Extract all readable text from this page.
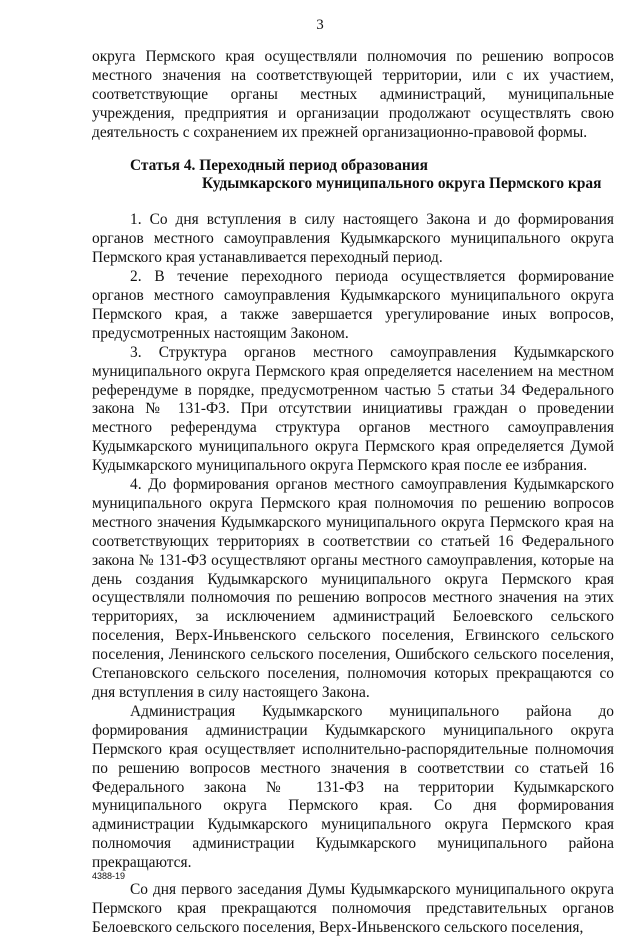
3

округа Пермского края осуществляли полномочия по решению вопросов местного значения на соответствующей территории, или с их участием, соответствующие органы местных администраций, муниципальные учреждения, предприятия и организации продолжают осуществлять свою деятельность с сохранением их прежней организационно-правовой формы.

Статья 4. Переходный период образования
Кудымкарского муниципального округа Пермского края

1. Со дня вступления в силу настоящего Закона и до формирования органов местного самоуправления Кудымкарского муниципального округа Пермского края устанавливается переходный период.

2. В течение переходного периода осуществляется формирование органов местного самоуправления Кудымкарского муниципального округа Пермского края, а также завершается урегулирование иных вопросов, предусмотренных настоящим Законом.

3. Структура органов местного самоуправления Кудымкарского муниципального округа Пермского края определяется населением на местном референдуме в порядке, предусмотренном частью 5 статьи 34 Федерального закона № 131-ФЗ. При отсутствии инициативы граждан о проведении местного референдума структура органов местного самоуправления Кудымкарского муниципального округа Пермского края определяется Думой Кудымкарского муниципального округа Пермского края после ее избрания.

4. До формирования органов местного самоуправления Кудымкарского муниципального округа Пермского края полномочия по решению вопросов местного значения Кудымкарского муниципального округа Пермского края на соответствующих территориях в соответствии со статьей 16 Федерального закона № 131-ФЗ осуществляют органы местного самоуправления, которые на день создания Кудымкарского муниципального округа Пермского края осуществляли полномочия по решению вопросов местного значения на этих территориях, за исключением администраций Белоевского сельского поселения, Верх-Иньвенского сельского поселения, Егвинского сельского поселения, Ленинского сельского поселения, Ошибского сельского поселения, Степановского сельского поселения, полномочия которых прекращаются со дня вступления в силу настоящего Закона.

Администрация Кудымкарского муниципального района до формирования администрации Кудымкарского муниципального округа Пермского края осуществляет исполнительно-распорядительные полномочия по решению вопросов местного значения в соответствии со статьей 16 Федерального закона № 131-ФЗ на территории Кудымкарского муниципального округа Пермского края. Со дня формирования администрации Кудымкарского муниципального округа Пермского края полномочия администрации Кудымкарского муниципального района прекращаются.

Со дня первого заседания Думы Кудымкарского муниципального округа Пермского края прекращаются полномочия представительных органов Белоевского сельского поселения, Верх-Иньвенского сельского поселения,

4388-19
